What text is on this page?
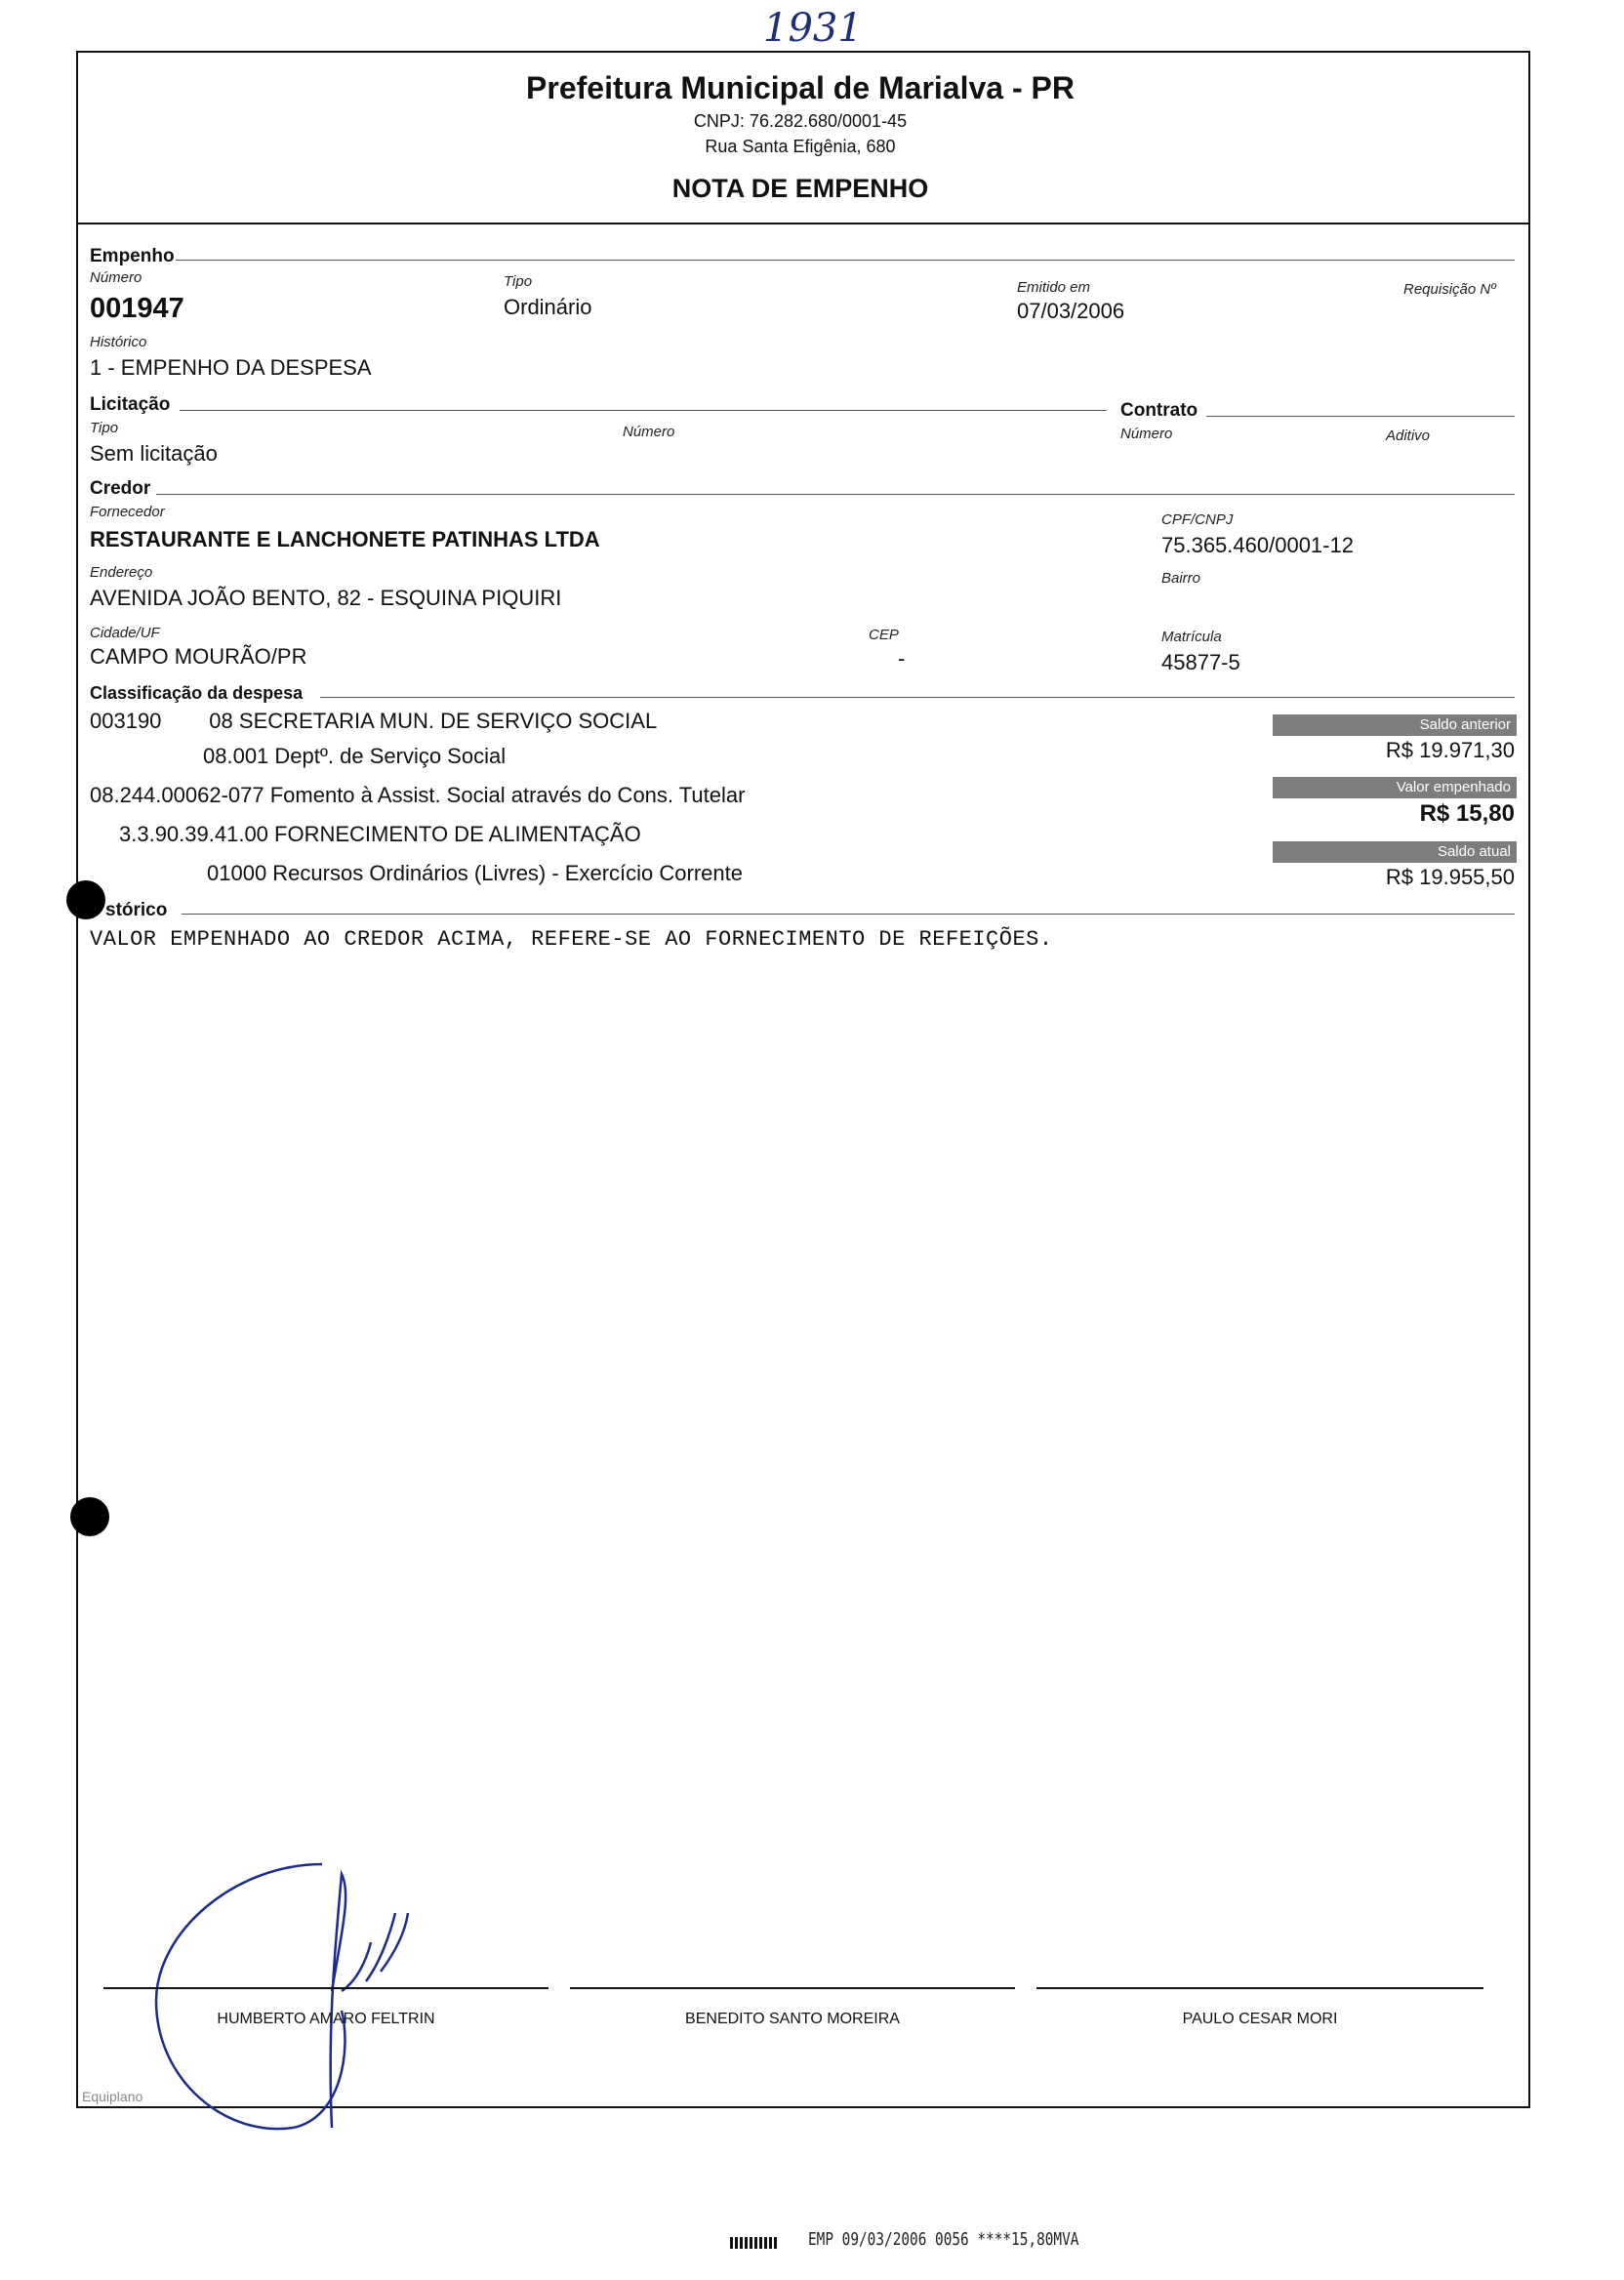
1931
Prefeitura Municipal de Marialva - PR
CNPJ: 76.282.680/0001-45
Rua Santa Efigênia, 680
NOTA DE EMPENHO
Empenho
Número
001947
Tipo
Ordinário
Emitido em
07/03/2006
Requisição Nº
Histórico
1 - EMPENHO DA DESPESA
Licitação
Tipo
Sem licitação
Número
Contrato
Número	Aditivo
Credor
Fornecedor
RESTAURANTE E LANCHONETE PATINHAS LTDA
CPF/CNPJ
75.365.460/0001-12
Endereço
AVENIDA JOÃO BENTO, 82 - ESQUINA PIQUIRI
Bairro
Cidade/UF
CAMPO MOURÃO/PR
CEP
-
Matrícula
45877-5
Classificação da despesa
003190        08 SECRETARIA MUN. DE SERVIÇO SOCIAL
08.001 Deptº. de Serviço Social
08.244.00062-077 Fomento à Assist. Social através do Cons. Tutelar
3.3.90.39.41.00 FORNECIMENTO DE ALIMENTAÇÃO
01000 Recursos Ordinários (Livres) - Exercício Corrente
Saldo anterior
R$ 19.971,30
Valor empenhado
R$ 15,80
Saldo atual
R$ 19.955,50
stórico
VALOR EMPENHADO AO CREDOR ACIMA, REFERE-SE AO FORNECIMENTO DE REFEIÇÕES.
HUMBERTO AMARO FELTRIN	BENEDITO SANTO MOREIRA	PAULO CESAR MORI
Equiplano
EMP 09/03/2006 0056 ****15,80MVA
